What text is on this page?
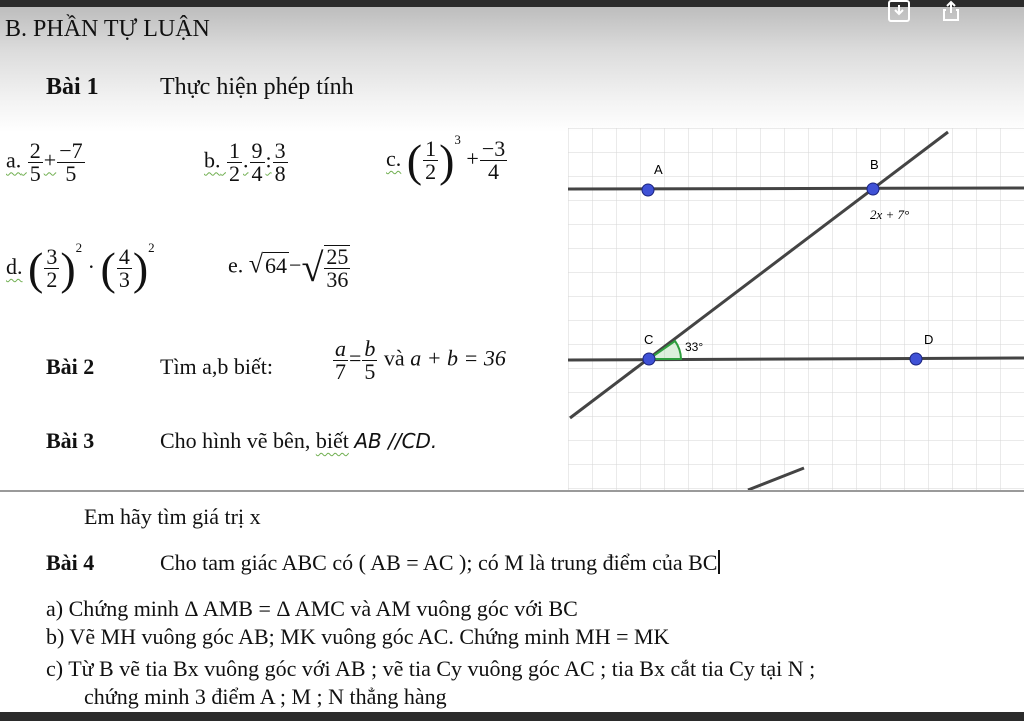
B. PHẦN TỰ LUẬN
Bài 1	Thực hiện phép tính
a. $\frac{2}{5} + \frac{-7}{5}$	b. $\frac{1}{2}$ . $\frac{9}{4}$ : $\frac{3}{8}$	c. ( $\frac{1}{2} )^3 + \frac{-3}{4}$
d. ( $\frac{3}{2} )^2$ · ( $\frac{4}{3} )^2$
e. $√64-√ \frac{25}{36}$
Bài 2	Tìm a,b biết:	$\frac{a}{7} = \frac{b}{5}$ và a + b = 36
Bài 3	Cho hình vẽ bên, biết AB //CD.
A	B
C	D
2x + 7°
33°
Em hãy tìm giá trị x
Bài 4	Cho tam giác ABC có ( AB = AC ); có M là trung điểm của BC
a) Chứng minh Δ AMB = Δ AMC và AM vuông góc với BC
b) Vẽ MH vuông góc AB; MK vuông góc AC. Chứng minh MH = MK
c) Từ B vẽ tia Bx vuông góc với AB ; vẽ tia Cy vuông góc AC ; tia Bx cắt tia Cy tại N ;
chứng minh 3 điểm A ; M ; N thẳng hàng
